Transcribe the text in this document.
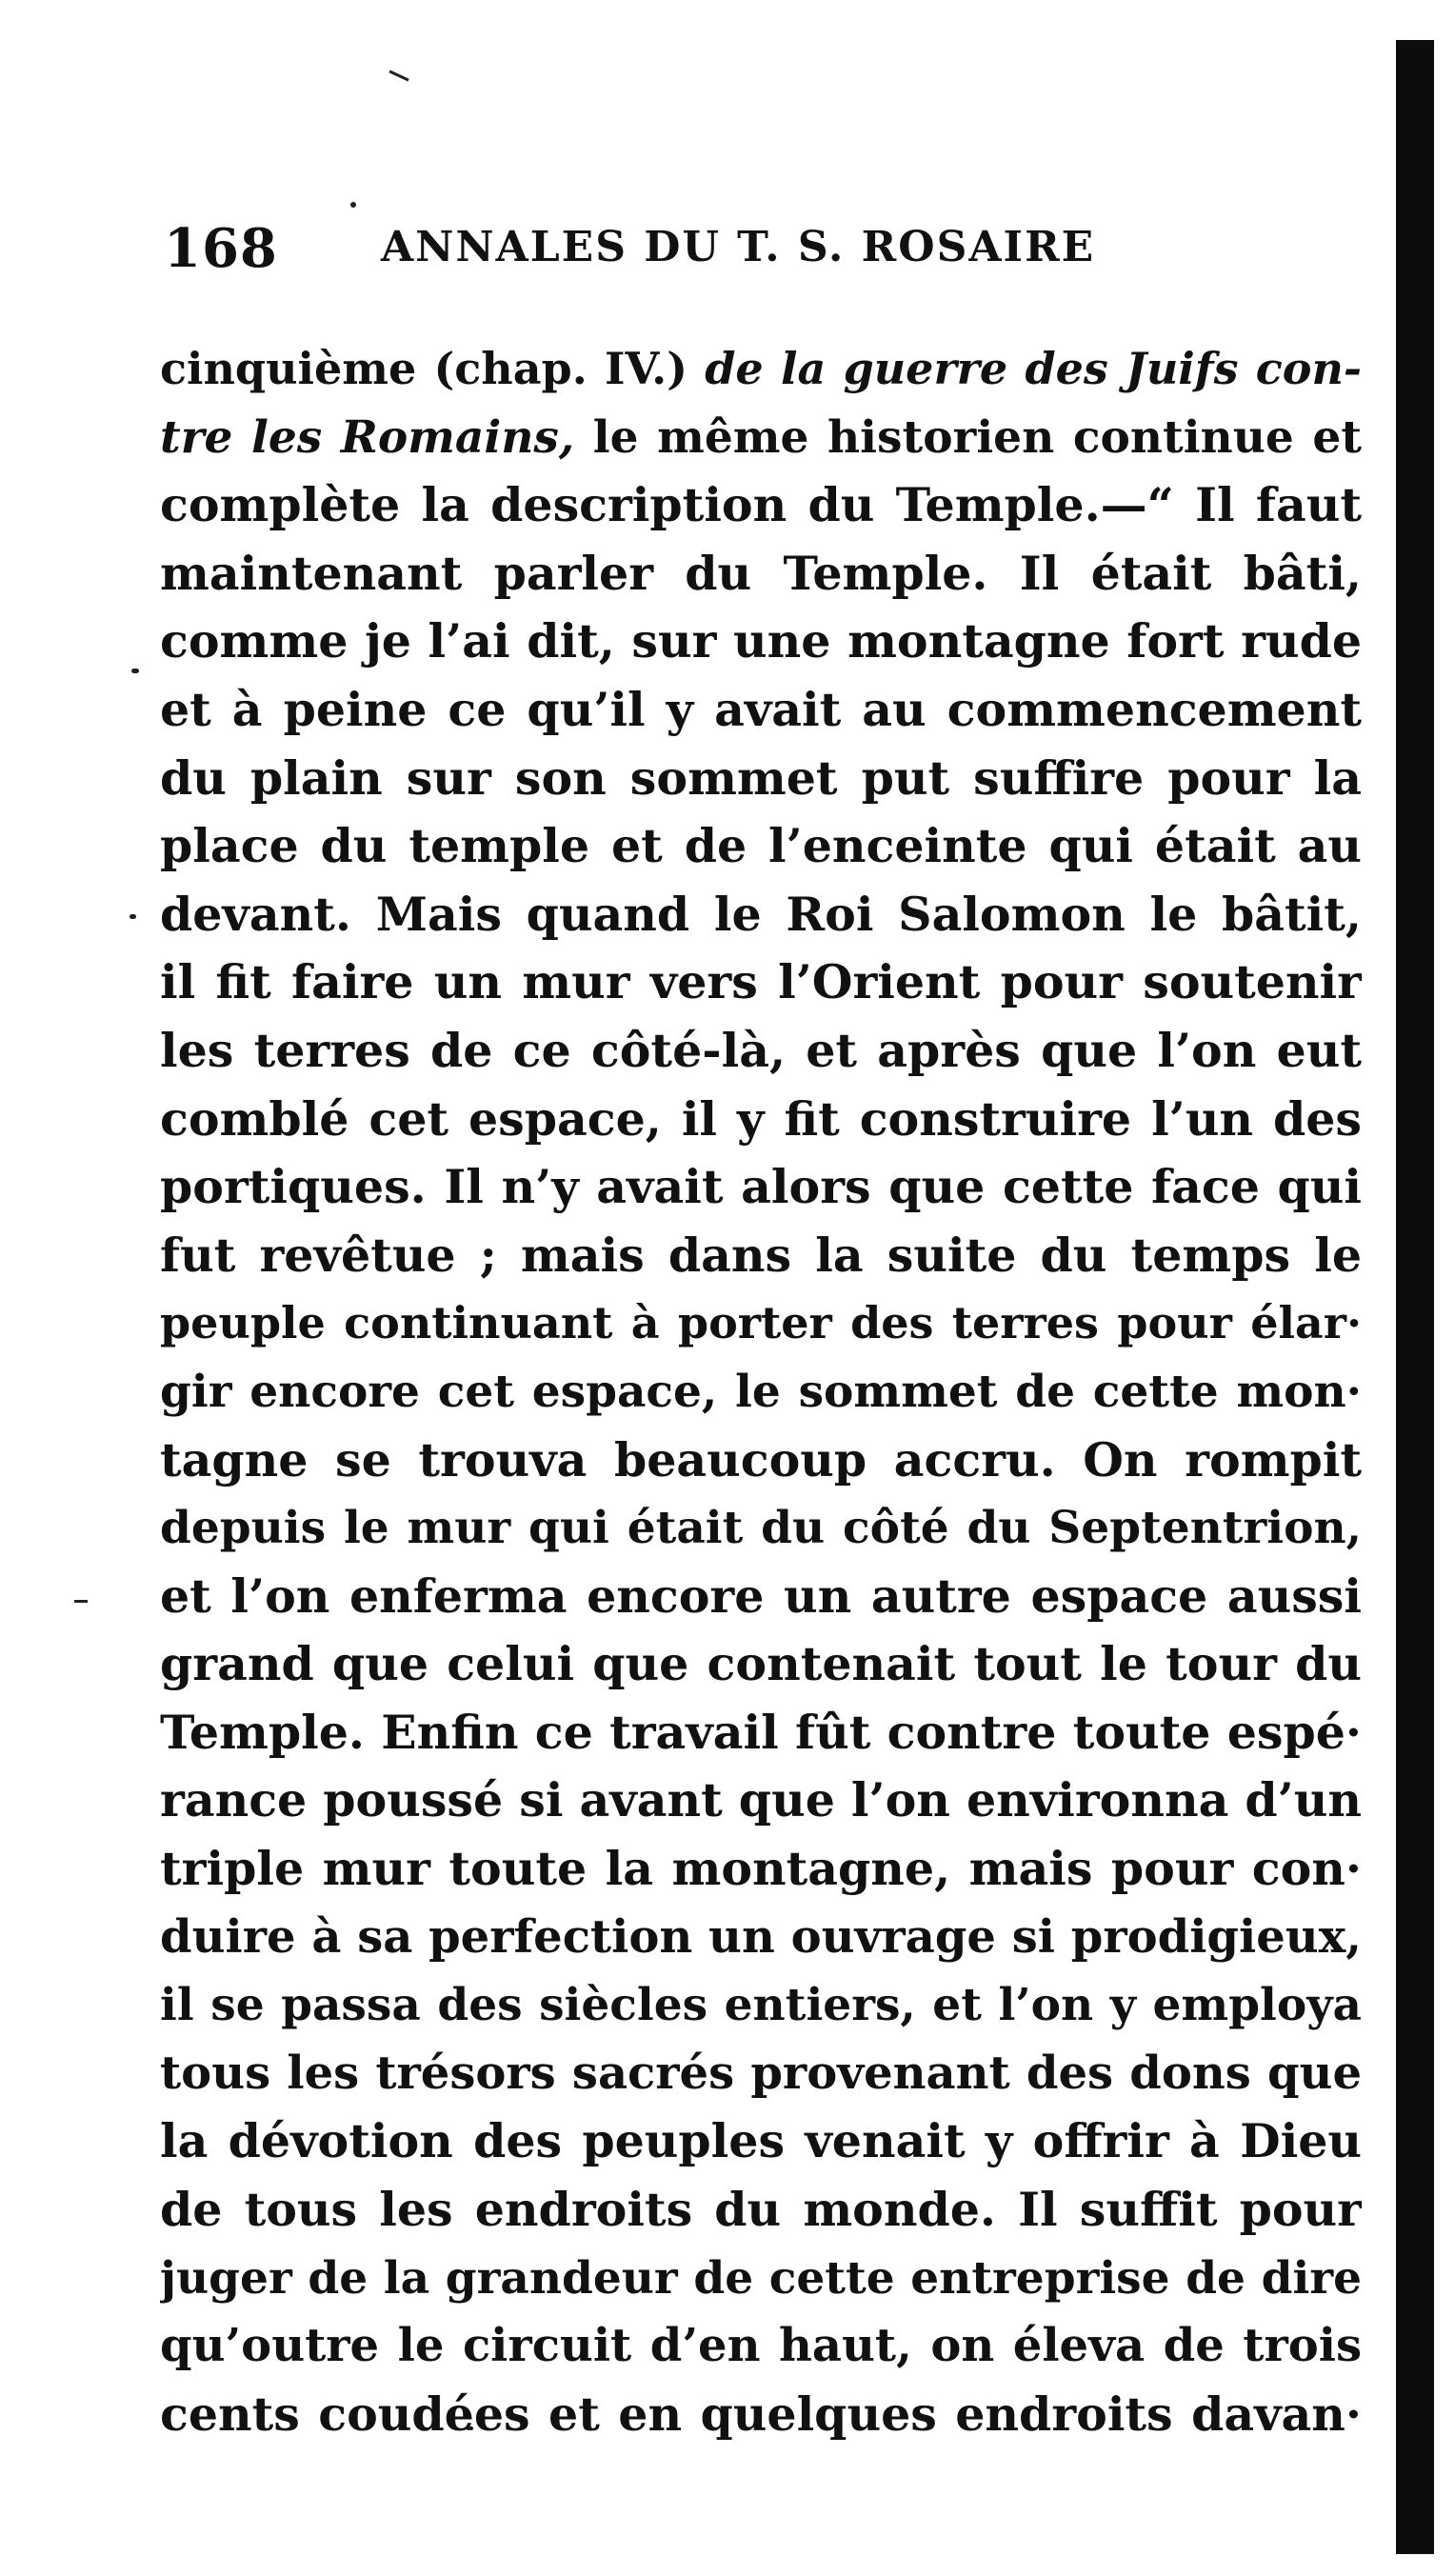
168 ANNALES DU T. S. ROSAIRE
cinquième (chap. IV.) de la guerre des Juifs con-
tre les Romains, le même historien continue et
complète la description du Temple.—“ Il faut
maintenant parler du Temple. Il était bâti,
comme je l’ai dit, sur une montagne fort rude
et à peine ce qu’il y avait au commencement
du plain sur son sommet put suffire pour la
place du temple et de l’enceinte qui était au
devant. Mais quand le Roi Salomon le bâtit,
il fit faire un mur vers l’Orient pour soutenir
les terres de ce côté-là, et après que l’on eut
comblé cet espace, il y fit construire l’un des
portiques. Il n’y avait alors que cette face qui
fut revêtue ; mais dans la suite du temps le
peuple continuant à porter des terres pour élar·
gir encore cet espace, le sommet de cette mon·
tagne se trouva beaucoup accru. On rompit
depuis le mur qui était du côté du Septentrion,
et l’on enferma encore un autre espace aussi
grand que celui que contenait tout le tour du
Temple. Enfin ce travail fût contre toute espé·
rance poussé si avant que l’on environna d’un
triple mur toute la montagne, mais pour con·
duire à sa perfection un ouvrage si prodigieux,
il se passa des siècles entiers, et l’on y employa
tous les trésors sacrés provenant des dons que
la dévotion des peuples venait y offrir à Dieu
de tous les endroits du monde. Il suffit pour
juger de la grandeur de cette entreprise de dire
qu’outre le circuit d’en haut, on éleva de trois
cents coudées et en quelques endroits davan·
